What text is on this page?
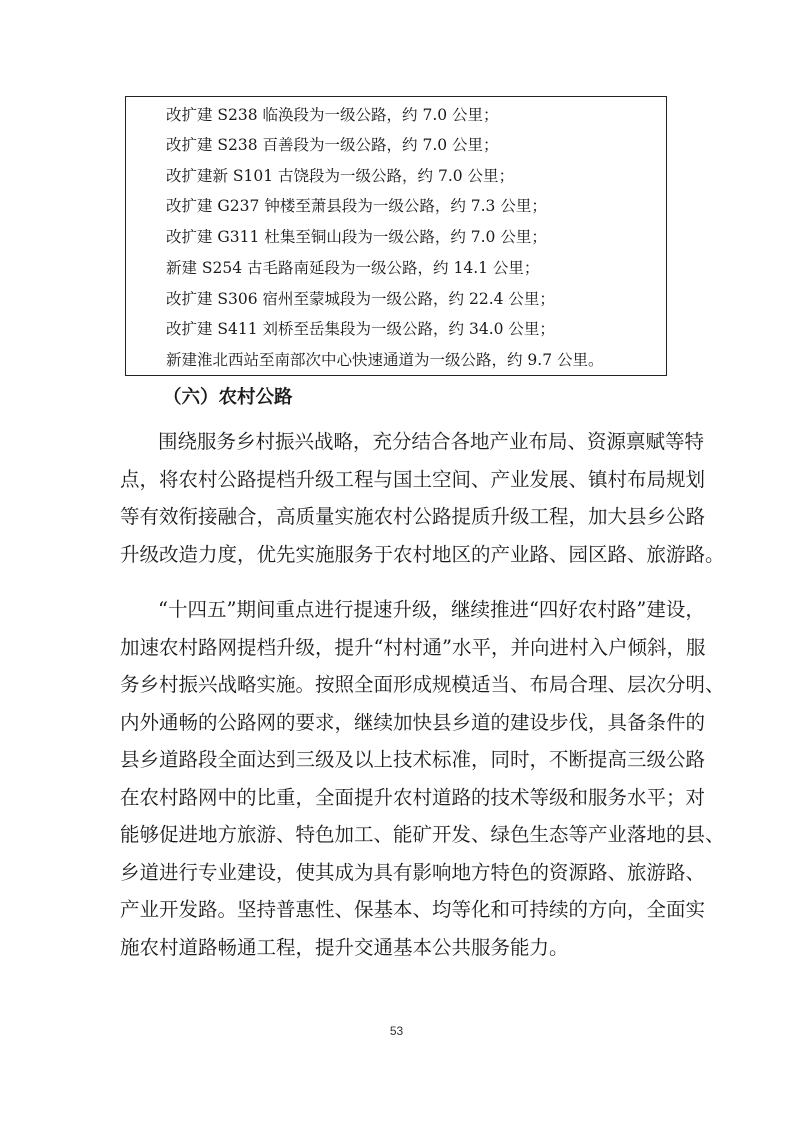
改扩建 S238 临涣段为一级公路，约 7.0 公里；
改扩建 S238 百善段为一级公路，约 7.0 公里；
改扩建新 S101 古饶段为一级公路，约 7.0 公里；
改扩建 G237 钟楼至萧县段为一级公路，约 7.3 公里；
改扩建 G311 杜集至铜山段为一级公路，约 7.0 公里；
新建 S254 古毛路南延段为一级公路，约 14.1 公里；
改扩建 S306 宿州至蒙城段为一级公路，约 22.4 公里；
改扩建 S411 刘桥至岳集段为一级公路，约 34.0 公里；
新建淮北西站至南部次中心快速通道为一级公路，约 9.7 公里。
（六）农村公路
围绕服务乡村振兴战略，充分结合各地产业布局、资源禀赋等特
点，将农村公路提档升级工程与国土空间、产业发展、镇村布局规划
等有效衔接融合，高质量实施农村公路提质升级工程，加大县乡公路
升级改造力度，优先实施服务于农村地区的产业路、园区路、旅游路。
“十四五”期间重点进行提速升级，继续推进“四好农村路”建设，
加速农村路网提档升级，提升“村村通”水平，并向进村入户倾斜，服
务乡村振兴战略实施。按照全面形成规模适当、布局合理、层次分明、
内外通畅的公路网的要求，继续加快县乡道的建设步伐，具备条件的
县乡道路段全面达到三级及以上技术标准，同时，不断提高三级公路
在农村路网中的比重，全面提升农村道路的技术等级和服务水平；对
能够促进地方旅游、特色加工、能矿开发、绿色生态等产业落地的县、
乡道进行专业建设，使其成为具有影响地方特色的资源路、旅游路、
产业开发路。坚持普惠性、保基本、均等化和可持续的方向，全面实
施农村道路畅通工程，提升交通基本公共服务能力。
53
